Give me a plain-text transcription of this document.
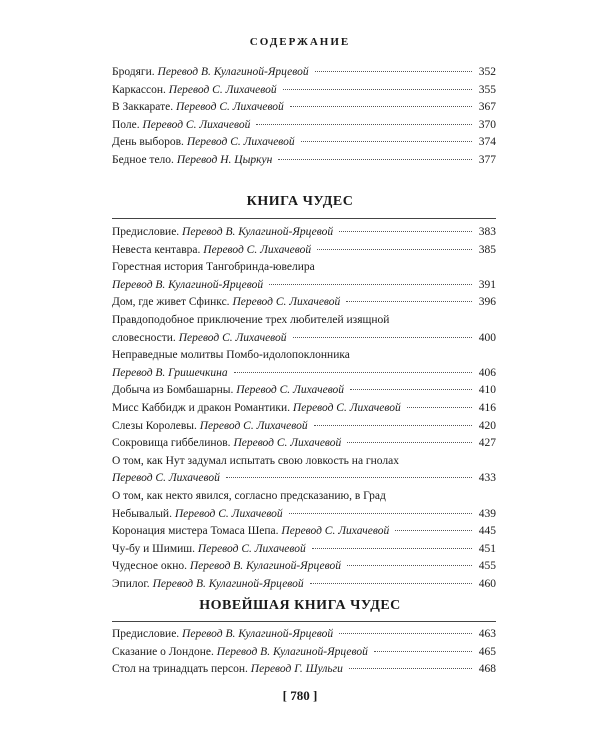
СОДЕРЖАНИЕ
Бродяги. Перевод В. Кулагиной-Ярцевой	352
Каркассон. Перевод С. Лихачевой	355
В Заккарате. Перевод С. Лихачевой	367
Поле. Перевод С. Лихачевой	370
День выборов. Перевод С. Лихачевой	374
Бедное тело. Перевод Н. Цыркун	377
КНИГА ЧУДЕС
Предисловие. Перевод В. Кулагиной-Ярцевой	383
Невеста кентавра. Перевод С. Лихачевой	385
Горестная история Тангобринда-ювелира
Перевод В. Кулагиной-Ярцевой	391
Дом, где живет Сфинкс. Перевод С. Лихачевой	396
Правдоподобное приключение трех любителей изящной
словесности. Перевод С. Лихачевой	400
Неправедные молитвы Помбо-идолопоклонника
Перевод В. Гришечкина	406
Добыча из Бомбашарны. Перевод С. Лихачевой	410
Мисс Каббидж и дракон Романтики. Перевод С. Лихачевой	416
Слезы Королевы. Перевод С. Лихачевой	420
Сокровища гиббелинов. Перевод С. Лихачевой	427
О том, как Нут задумал испытать свою ловкость на гнолах
Перевод С. Лихачевой	433
О том, как некто явился, согласно предсказанию, в Град
Небывалый. Перевод С. Лихачевой	439
Коронация мистера Томаса Шепа. Перевод С. Лихачевой	445
Чу-бу и Шимиш. Перевод С. Лихачевой	451
Чудесное окно. Перевод В. Кулагиной-Ярцевой	455
Эпилог. Перевод В. Кулагиной-Ярцевой	460
НОВЕЙШАЯ КНИГА ЧУДЕС
Предисловие. Перевод В. Кулагиной-Ярцевой	463
Сказание о Лондоне. Перевод В. Кулагиной-Ярцевой	465
Стол на тринадцать персон. Перевод Г. Шульги	468
[ 780 ]
